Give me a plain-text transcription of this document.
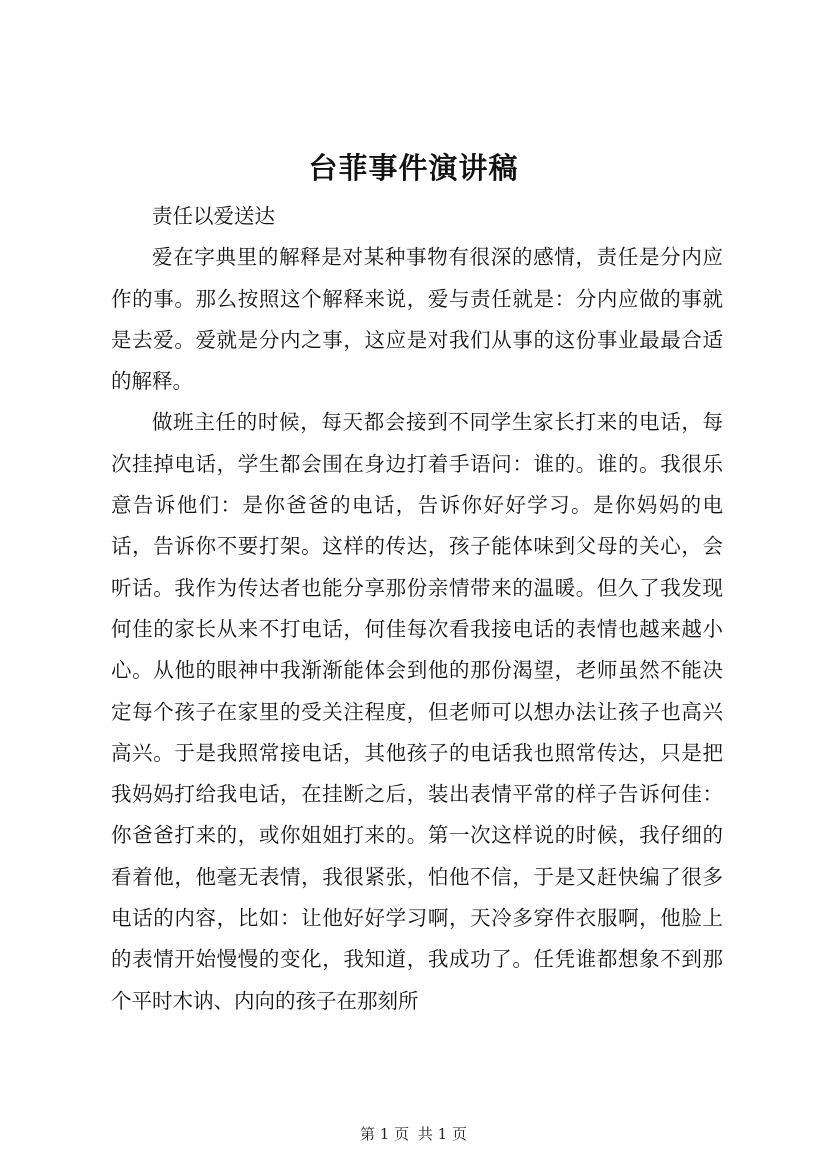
台菲事件演讲稿

责任以爱送达

爱在字典里的解释是对某种事物有很深的感情，责任是分内应作的事。那么按照这个解释来说，爱与责任就是：分内应做的事就是去爱。爱就是分内之事，这应是对我们从事的这份事业最最合适的解释。

做班主任的时候，每天都会接到不同学生家长打来的电话，每次挂掉电话，学生都会围在身边打着手语问：谁的。谁的。我很乐意告诉他们：是你爸爸的电话，告诉你好好学习。是你妈妈的电话，告诉你不要打架。这样的传达，孩子能体味到父母的关心，会听话。我作为传达者也能分享那份亲情带来的温暖。但久了我发现何佳的家长从来不打电话，何佳每次看我接电话的表情也越来越小心。从他的眼神中我渐渐能体会到他的那份渴望，老师虽然不能决定每个孩子在家里的受关注程度，但老师可以想办法让孩子也高兴高兴。于是我照常接电话，其他孩子的电话我也照常传达，只是把我妈妈打给我电话，在挂断之后，装出表情平常的样子告诉何佳：你爸爸打来的，或你姐姐打来的。第一次这样说的时候，我仔细的看着他，他毫无表情，我很紧张，怕他不信，于是又赶快编了很多电话的内容，比如：让他好好学习啊，天冷多穿件衣服啊，他脸上的表情开始慢慢的变化，我知道，我成功了。任凭谁都想象不到那个平时木讷、内向的孩子在那刻所

第 1 页 共 1 页
